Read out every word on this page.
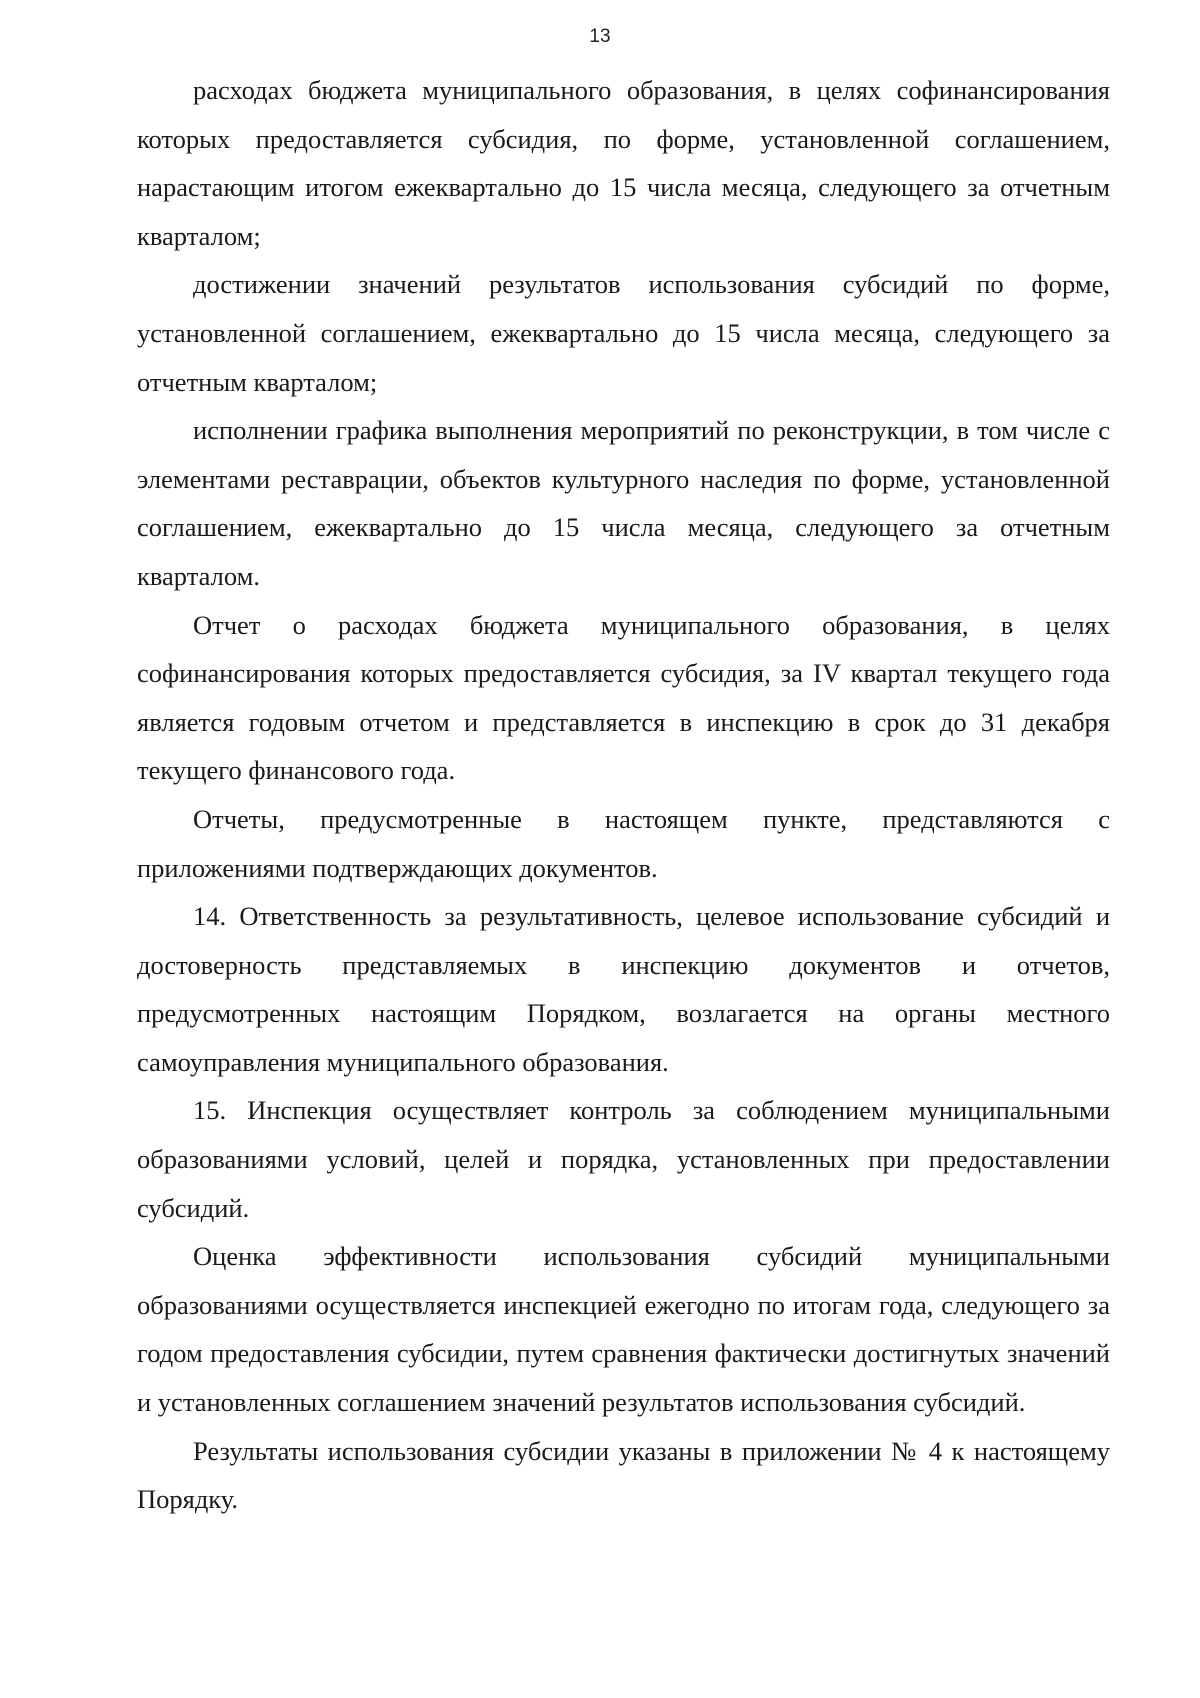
13

расходах бюджета муниципального образования, в целях софинансирования которых предоставляется субсидия, по форме, установленной соглашением, нарастающим итогом ежеквартально до 15 числа месяца, следующего за отчетным кварталом;

достижении значений результатов использования субсидий по форме, установленной соглашением, ежеквартально до 15 числа месяца, следующего за отчетным кварталом;

исполнении графика выполнения мероприятий по реконструкции, в том числе с элементами реставрации, объектов культурного наследия по форме, установленной соглашением, ежеквартально до 15 числа месяца, следующего за отчетным кварталом.

Отчет о расходах бюджета муниципального образования, в целях софинансирования которых предоставляется субсидия, за IV квартал текущего года является годовым отчетом и представляется в инспекцию в срок до 31 декабря текущего финансового года.

Отчеты, предусмотренные в настоящем пункте, представляются с приложениями подтверждающих документов.

14. Ответственность за результативность, целевое использование субсидий и достоверность представляемых в инспекцию документов и отчетов, предусмотренных настоящим Порядком, возлагается на органы местного самоуправления муниципального образования.

15. Инспекция осуществляет контроль за соблюдением муниципальными образованиями условий, целей и порядка, установленных при предоставлении субсидий.

Оценка эффективности использования субсидий муниципальными образованиями осуществляется инспекцией ежегодно по итогам года, следующего за годом предоставления субсидии, путем сравнения фактически достигнутых значений и установленных соглашением значений результатов использования субсидий.

Результаты использования субсидии указаны в приложении № 4 к настоящему Порядку.
